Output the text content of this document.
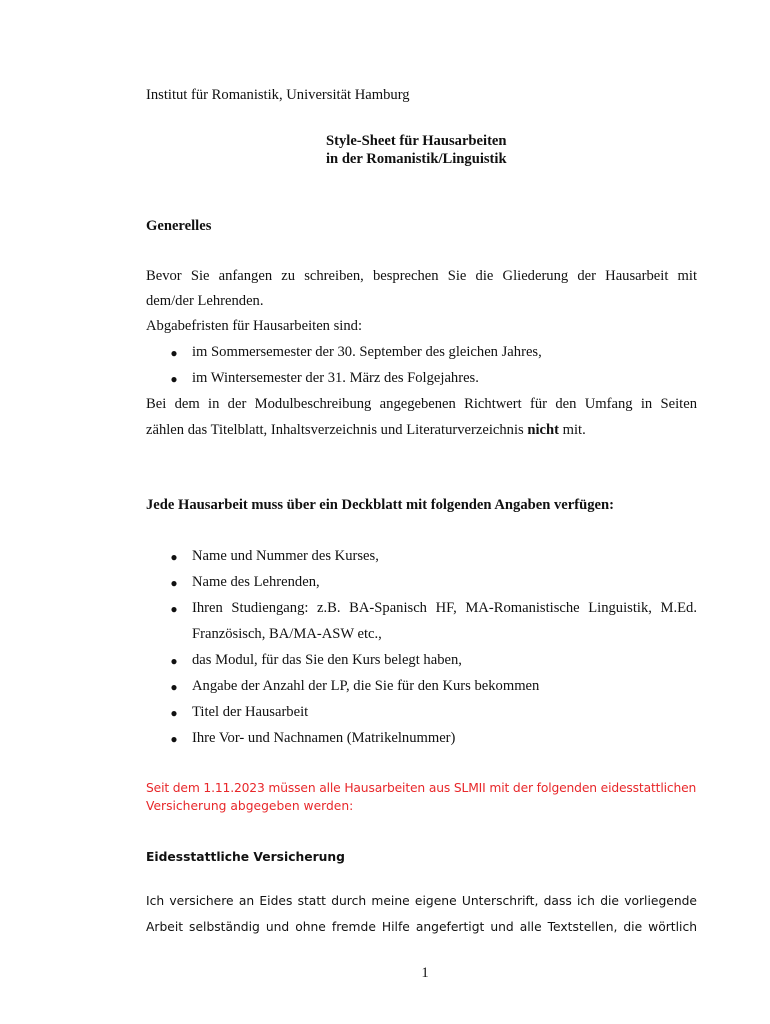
Institut für Romanistik, Universität Hamburg

Style-Sheet für Hausarbeiten

in der Romanistik/Linguistik

Generelles

Bevor Sie anfangen zu schreiben, besprechen Sie die Gliederung der Hausarbeit mit

dem/der Lehrenden.

Abgabefristen für Hausarbeiten sind:

● im Sommersemester der 30. September des gleichen Jahres,

● im Wintersemester der 31. März des Folgejahres.

Bei dem in der Modulbeschreibung angegebenen Richtwert für den Umfang in Seiten

zählen das Titelblatt, Inhaltsverzeichnis und Literaturverzeichnis nicht mit.

Jede Hausarbeit muss über ein Deckblatt mit folgenden Angaben verfügen:

● Name und Nummer des Kurses,

● Name des Lehrenden,

● Ihren Studiengang: z.B. BA-Spanisch HF, MA-Romanistische Linguistik, M.Ed.

Französisch, BA/MA-ASW etc.,

● das Modul, für das Sie den Kurs belegt haben,

● Angabe der Anzahl der LP, die Sie für den Kurs bekommen

● Titel der Hausarbeit

● Ihre Vor- und Nachnamen (Matrikelnummer)

Seit dem 1.11.2023 müssen alle Hausarbeiten aus SLMII mit der folgenden eidesstattlichen

Versicherung abgegeben werden:

Eidesstattliche Versicherung

Ich versichere an Eides statt durch meine eigene Unterschrift, dass ich die vorliegende

Arbeit selbständig und ohne fremde Hilfe angefertigt und alle Textstellen, die wörtlich

1
